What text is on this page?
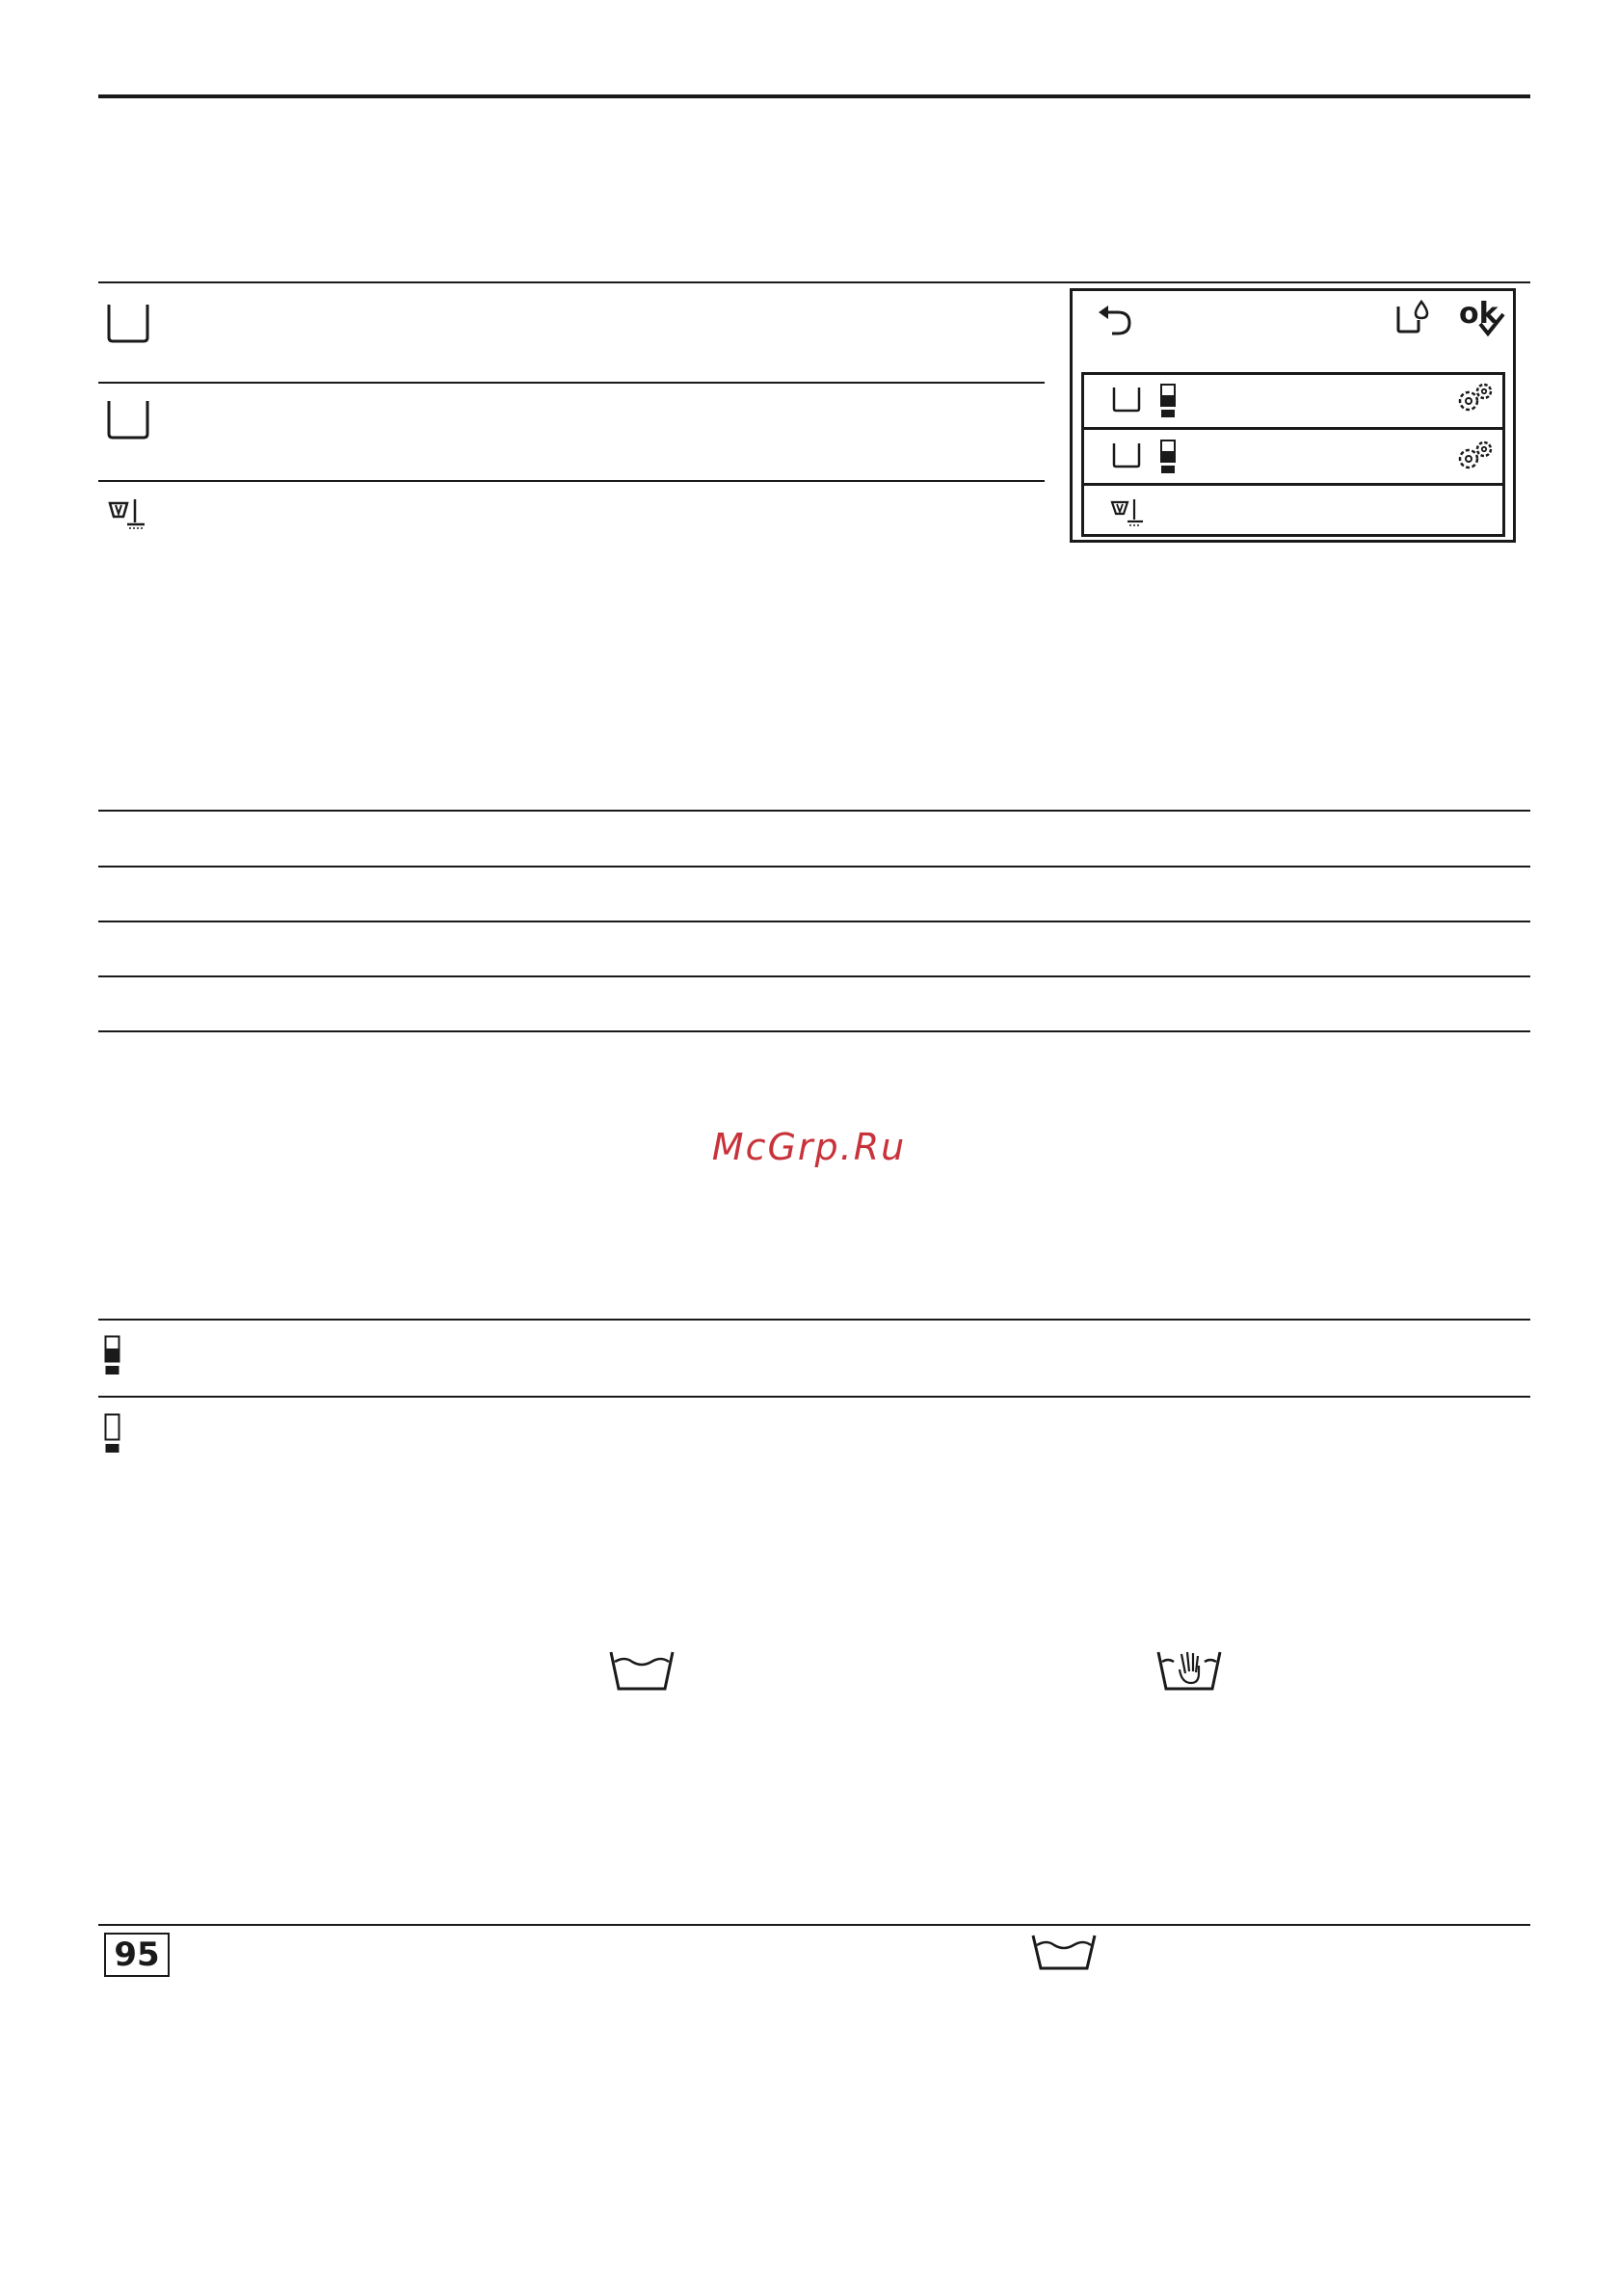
ok
McGrp.Ru
95
